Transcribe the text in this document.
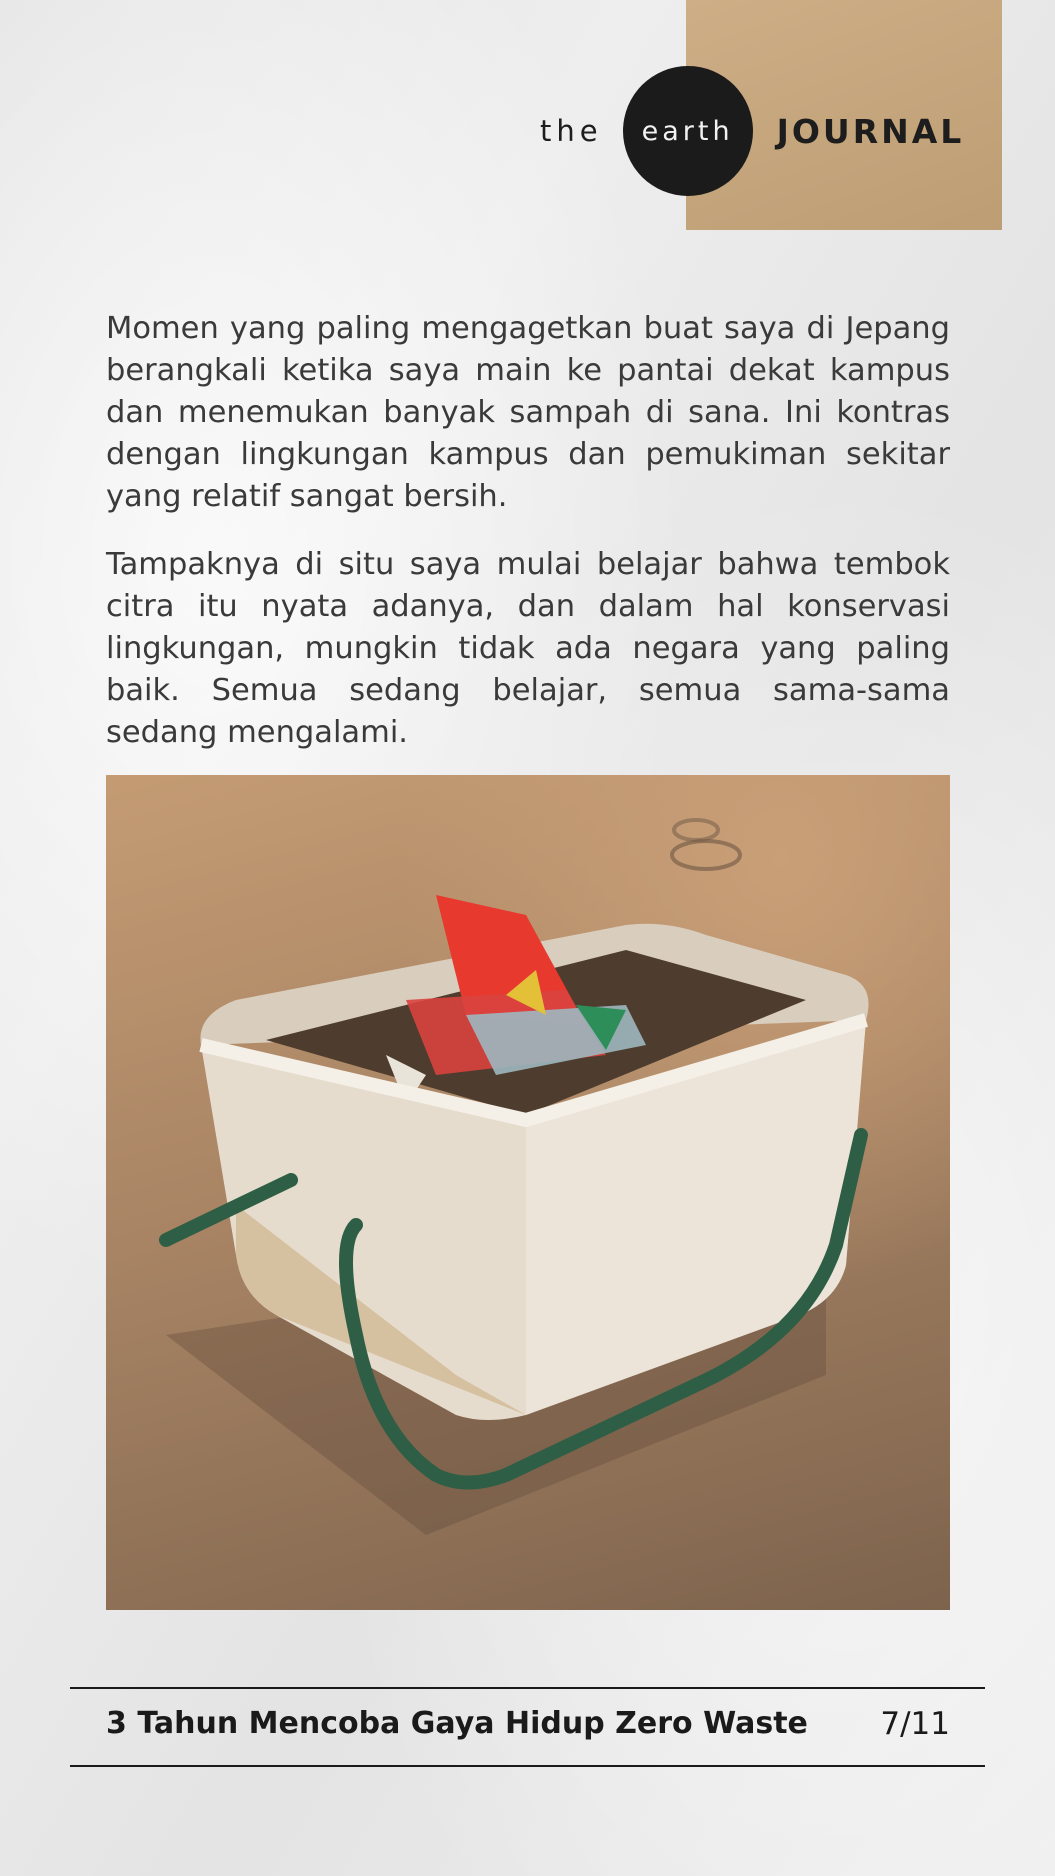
the earth JOURNAL

Momen yang paling mengagetkan buat saya di Jepang berangkali ketika saya main ke pantai dekat kampus dan menemukan banyak sampah di sana. Ini kontras dengan lingkungan kampus dan pemukiman sekitar yang relatif sangat bersih.

Tampaknya di situ saya mulai belajar bahwa tembok citra itu nyata adanya, dan dalam hal konservasi lingkungan, mungkin tidak ada negara yang paling baik. Semua sedang belajar, semua sama-sama sedang mengalami.

3 Tahun Mencoba Gaya Hidup Zero Waste 7/11
